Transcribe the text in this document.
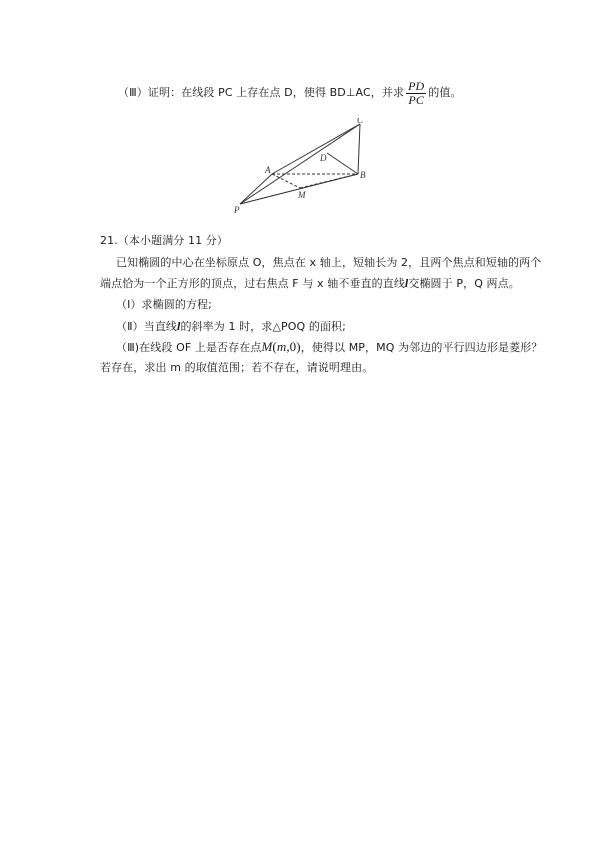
（Ⅲ）证明：在线段 PC 上存在点 D，使得 BD⊥AC，并求 $\frac{PD}{PC}$ 的值。
C
D
A	B
M
P
21.（本小题满分 11 分）
已知椭圆的中心在坐标原点 O，焦点在 x 轴上，短轴长为 2，且两个焦点和短轴的两个
端点恰为一个正方形的顶点，过右焦点 F 与 x 轴不垂直的直线l交椭圆于 P，Q 两点。
（Ⅰ）求椭圆的方程;
（Ⅱ）当直线l的斜率为 1 时，求△POQ 的面积;
（Ⅲ)在线段 OF 上是否存在点M(m,0)，使得以 MP，MQ 为邻边的平行四边形是菱形？
若存在，求出 m 的取值范围；若不存在，请说明理由。
